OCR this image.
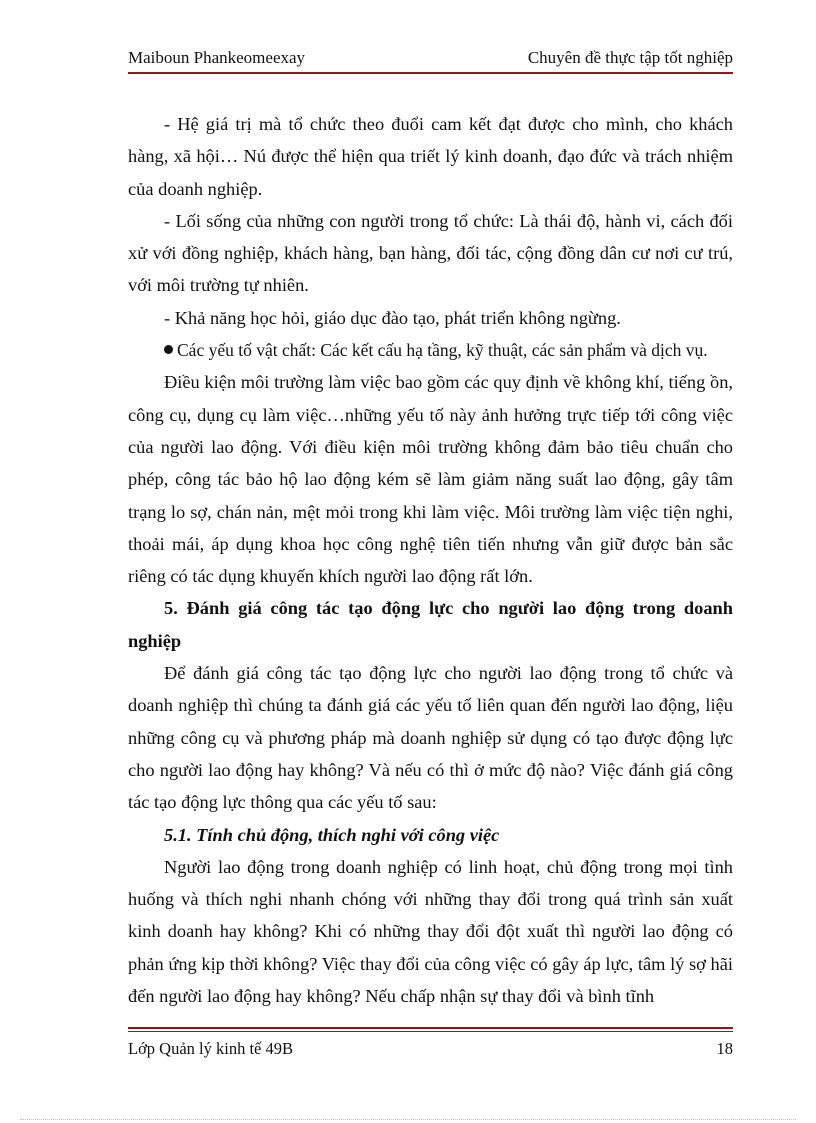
Maiboun Phankeomeexay	Chuyên đề thực tập tốt nghiệp

- Hệ giá trị mà tổ chức theo đuổi cam kết đạt được cho mình, cho khách hàng, xã hội… Nú được thể hiện qua triết lý kinh doanh, đạo đức và trách nhiệm của doanh nghiệp.

- Lối sống của những con người trong tổ chức: Là thái độ, hành vi, cách đối xử với đồng nghiệp, khách hàng, bạn hàng, đối tác, cộng đồng dân cư nơi cư trú, với môi trường tự nhiên.

- Khả năng học hỏi, giáo dục đào tạo, phát triển không ngừng.

Các yếu tố vật chất: Các kết cấu hạ tầng, kỹ thuật, các sản phẩm và dịch vụ.

Điều kiện môi trường làm việc bao gồm các quy định về không khí, tiếng ồn, công cụ, dụng cụ làm việc…những yếu tố này ảnh hưởng trực tiếp tới công việc của người lao động. Với điều kiện môi trường không đảm bảo tiêu chuẩn cho phép, công tác bảo hộ lao động kém sẽ làm giảm năng suất lao động, gây tâm trạng lo sợ, chán nản, mệt mỏi trong khi làm việc. Môi trường làm việc tiện nghi, thoải mái, áp dụng khoa học công nghệ tiên tiến nhưng vẫn giữ được bản sắc riêng có tác dụng khuyến khích người lao động rất lớn.

5. Đánh giá công tác tạo động lực cho người lao động trong doanh nghiệp

Để đánh giá công tác tạo động lực cho người lao động trong tổ chức và doanh nghiệp thì chúng ta đánh giá các yếu tố liên quan đến người lao động, liệu những công cụ và phương pháp mà doanh nghiệp sử dụng có tạo được động lực cho người lao động hay không? Và nếu có thì ở mức độ nào? Việc đánh giá công tác tạo động lực thông qua các yếu tố sau:

5.1. Tính chủ động, thích nghi với công việc

Người lao động trong doanh nghiệp có linh hoạt, chủ động trong mọi tình huống và thích nghi nhanh chóng với những thay đổi trong quá trình sản xuất kinh doanh hay không? Khi có những thay đổi đột xuất thì người lao động có phản ứng kịp thời không? Việc thay đổi của công việc có gây áp lực, tâm lý sợ hãi đến người lao động hay không? Nếu chấp nhận sự thay đổi và bình tĩnh

Lớp Quản lý kinh tế 49B	18
